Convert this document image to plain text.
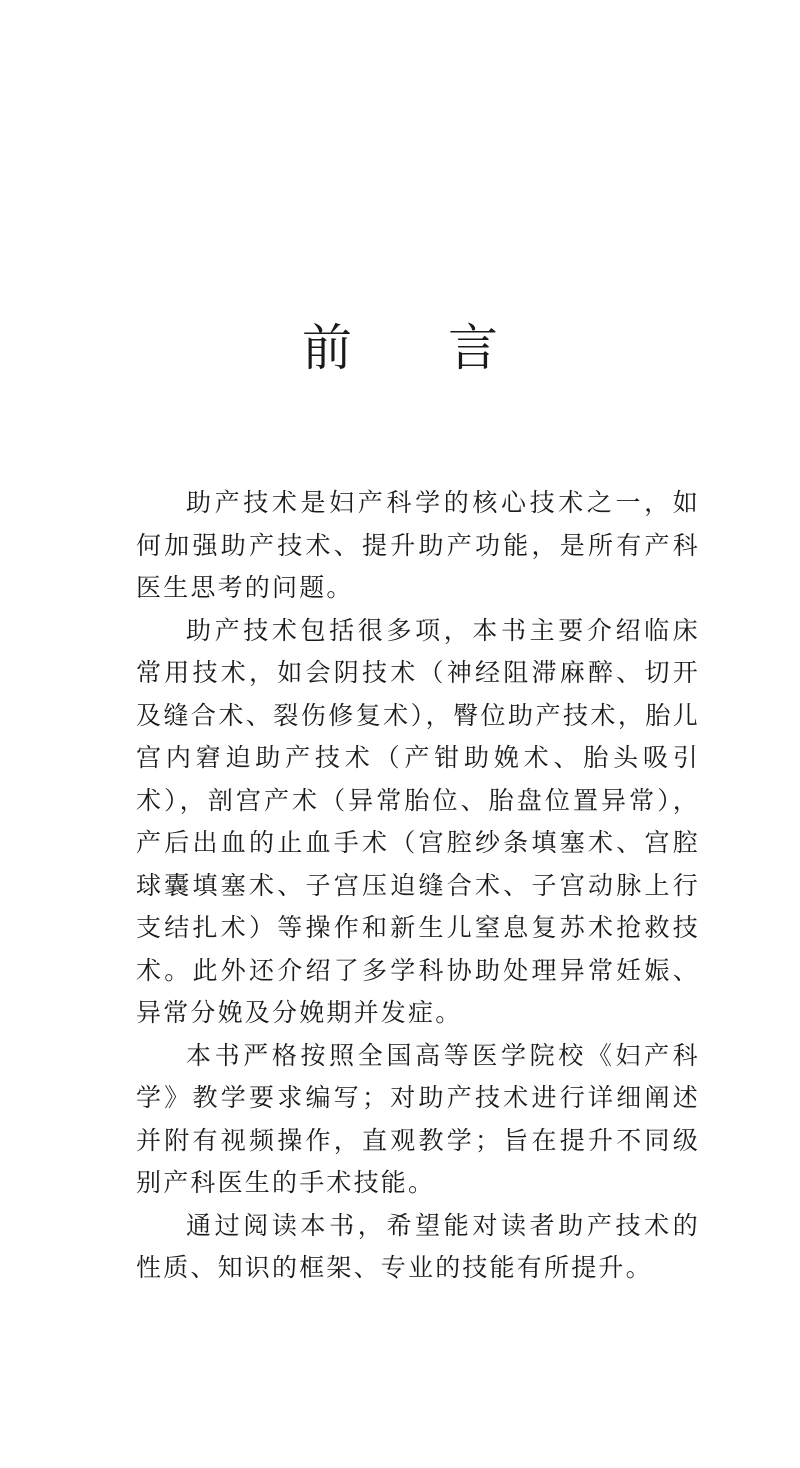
前 言

助产技术是妇产科学的核心技术之一，如何加强助产技术、提升助产功能，是所有产科医生思考的问题。

助产技术包括很多项，本书主要介绍临床常用技术，如会阴技术（神经阻滞麻醉、切开及缝合术、裂伤修复术），臀位助产技术，胎儿宫内窘迫助产技术（产钳助娩术、胎头吸引术），剖宫产术（异常胎位、胎盘位置异常），产后出血的止血手术（宫腔纱条填塞术、宫腔球囊填塞术、子宫压迫缝合术、子宫动脉上行支结扎术）等操作和新生儿窒息复苏术抢救技术。此外还介绍了多学科协助处理异常妊娠、异常分娩及分娩期并发症。

本书严格按照全国高等医学院校《妇产科学》教学要求编写；对助产技术进行详细阐述并附有视频操作，直观教学；旨在提升不同级别产科医生的手术技能。

通过阅读本书，希望能对读者助产技术的性质、知识的框架、专业的技能有所提升。
